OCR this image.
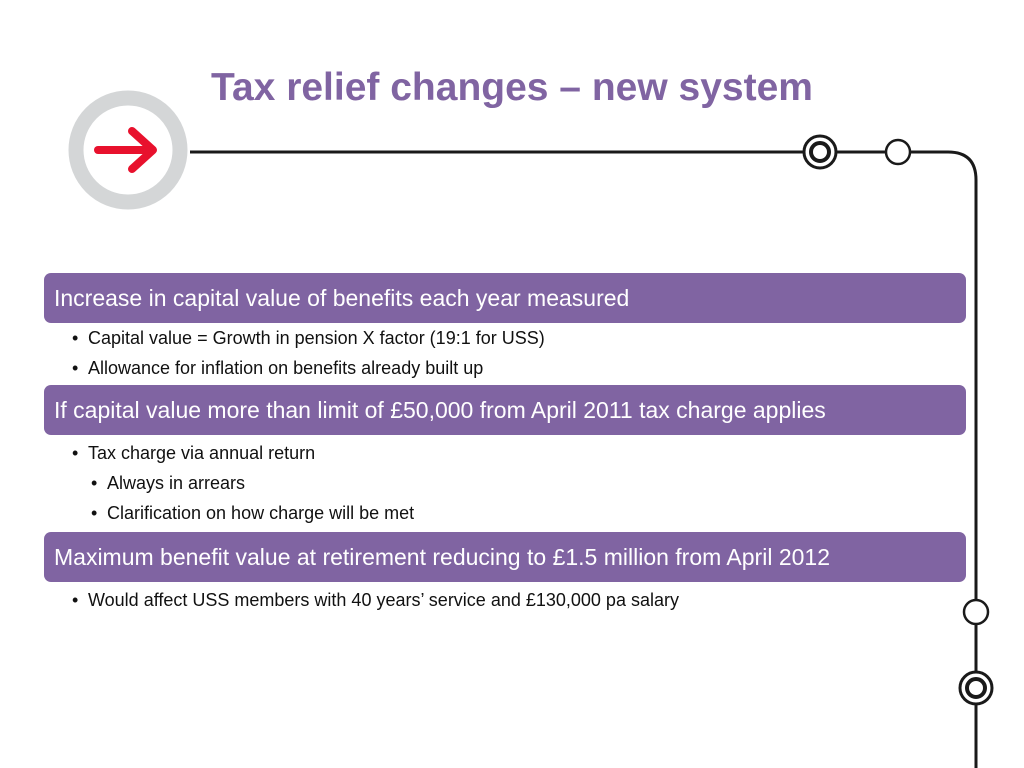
Tax relief changes – new system
Increase in capital value of benefits each year measured
• Capital value = Growth in pension X factor (19:1 for USS)
• Allowance for inflation on benefits already built up
If capital value more than limit of £50,000 from April 2011 tax charge applies
• Tax charge via annual return
• Always in arrears
• Clarification on how charge will be met
Maximum benefit value at retirement reducing to £1.5 million from April 2012
• Would affect USS members with 40 years’ service and £130,000 pa salary
